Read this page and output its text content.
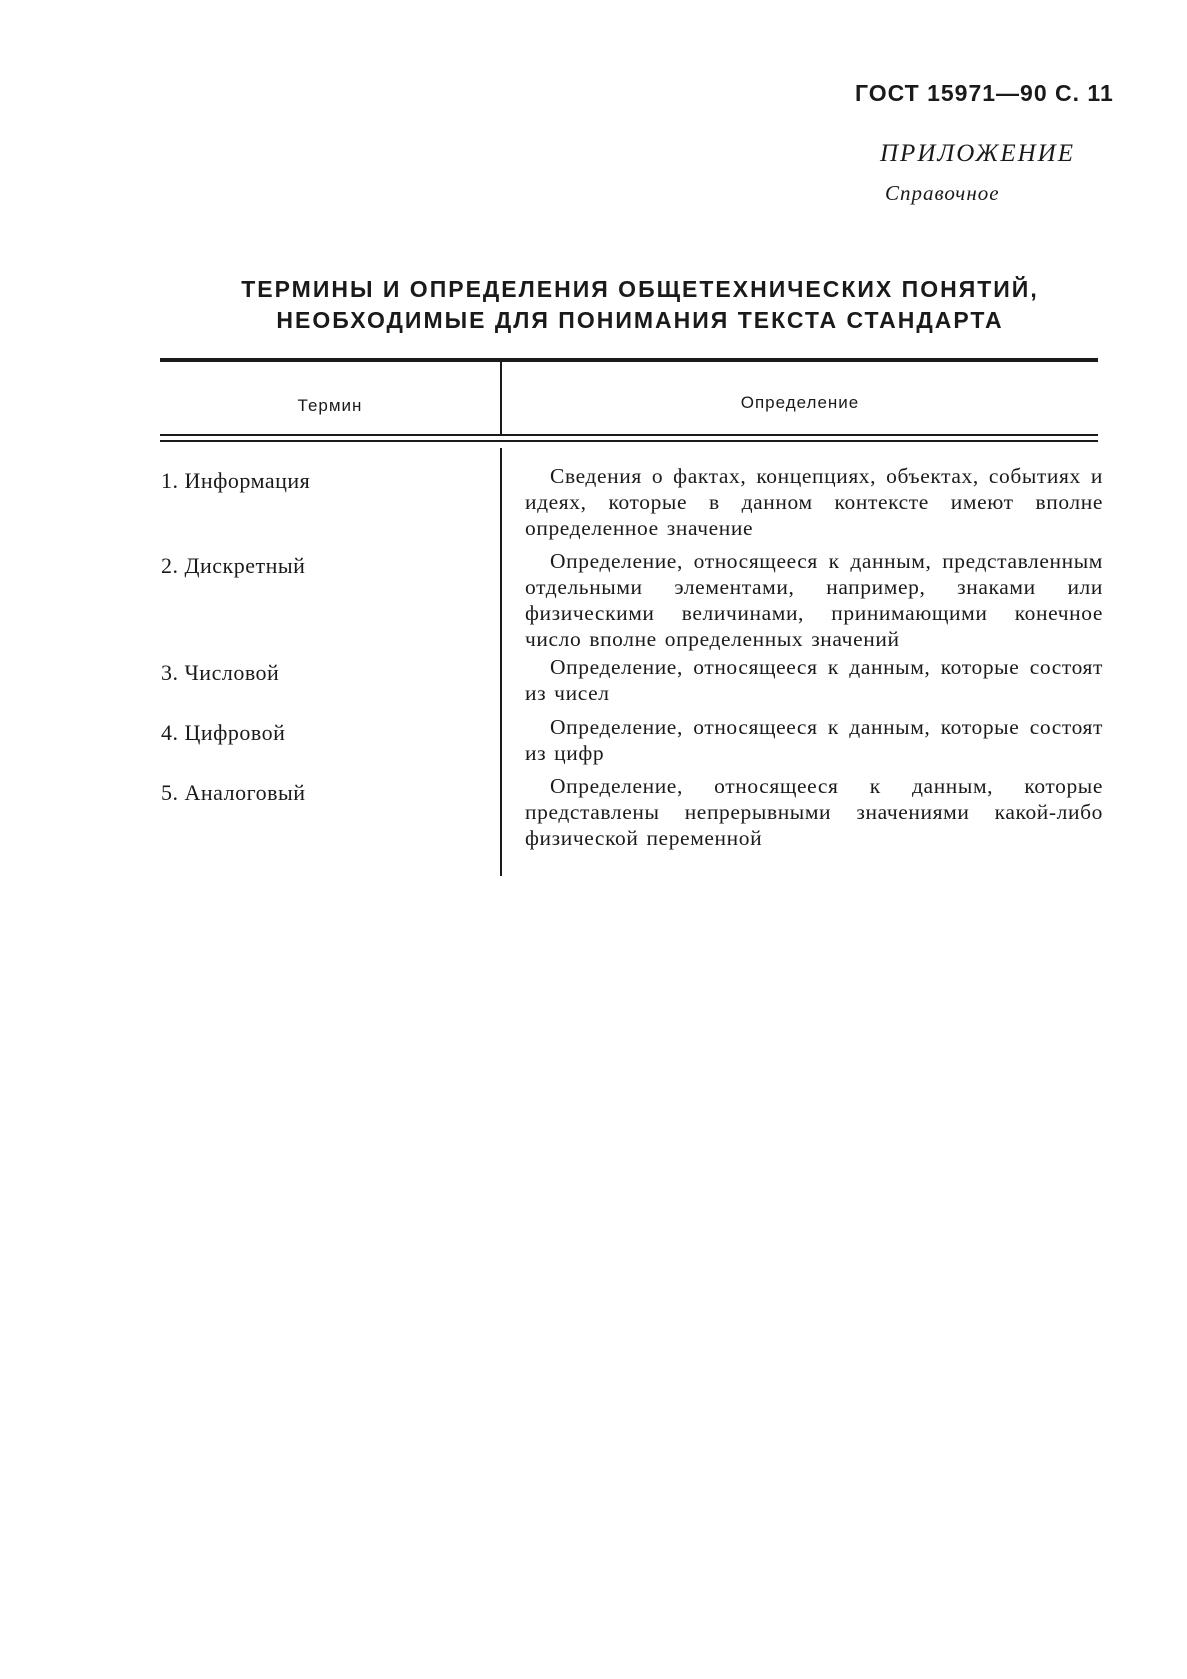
ГОСТ 15971—90 С. 11
ПРИЛОЖЕНИЕ
Справочное
ТЕРМИНЫ И ОПРЕДЕЛЕНИЯ ОБЩЕТЕХНИЧЕСКИХ ПОНЯТИЙ,
НЕОБХОДИМЫЕ ДЛЯ ПОНИМАНИЯ ТЕКСТА СТАНДАРТА
Термин	Определение
1. Информация	Сведения о фактах, концепциях, объектах, событиях и идеях, которые в данном контексте имеют вполне определенное значение
2. Дискретный	Определение, относящееся к данным, представленным отдельными элементами, например, знаками или физическими величинами, принимающими конечное число вполне определенных значений
3. Числовой	Определение, относящееся к данным, которые состоят из чисел
4. Цифровой	Определение, относящееся к данным, которые состоят из цифр
5. Аналоговый	Определение, относящееся к данным, которые представлены непрерывными значениями какой-либо физической переменной
